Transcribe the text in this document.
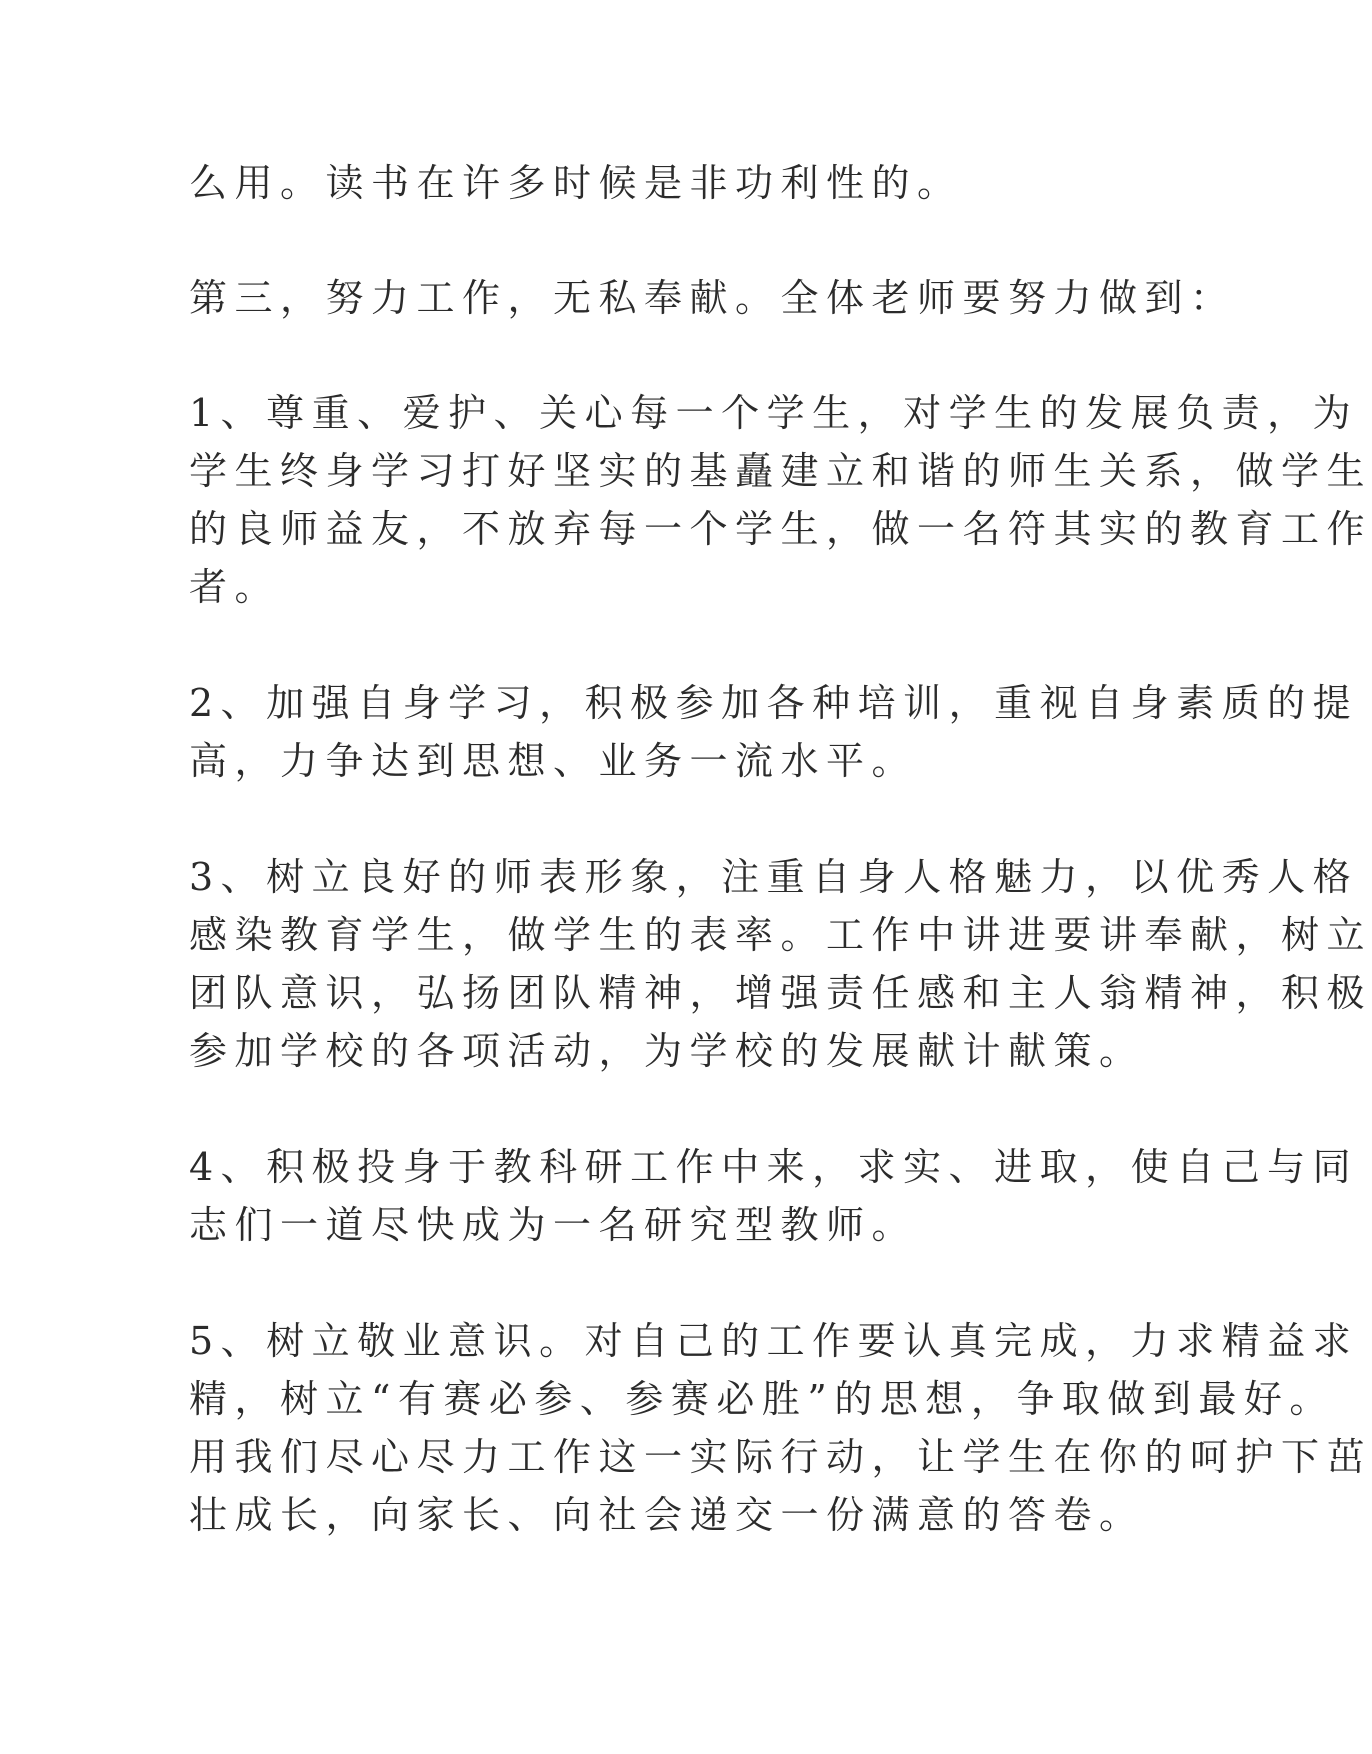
么用。读书在许多时候是非功利性的。

第三，努力工作，无私奉献。全体老师要努力做到：

1、尊重、爱护、关心每一个学生，对学生的发展负责，为

学生终身学习打好坚实的基矗建立和谐的师生关系，做学生

的良师益友，不放弃每一个学生，做一名符其实的教育工作

者。

2、加强自身学习，积极参加各种培训，重视自身素质的提

高，力争达到思想、业务一流水平。

3、树立良好的师表形象，注重自身人格魅力，以优秀人格

感染教育学生，做学生的表率。工作中讲进要讲奉献，树立

团队意识，弘扬团队精神，增强责任感和主人翁精神，积极

参加学校的各项活动，为学校的发展献计献策。

4、积极投身于教科研工作中来，求实、进取，使自己与同

志们一道尽快成为一名研究型教师。

5、树立敬业意识。对自己的工作要认真完成，力求精益求

精，树立“有赛必参、参赛必胜”的思想，争取做到最好。

用我们尽心尽力工作这一实际行动，让学生在你的呵护下茁

壮成长，向家长、向社会递交一份满意的答卷。
